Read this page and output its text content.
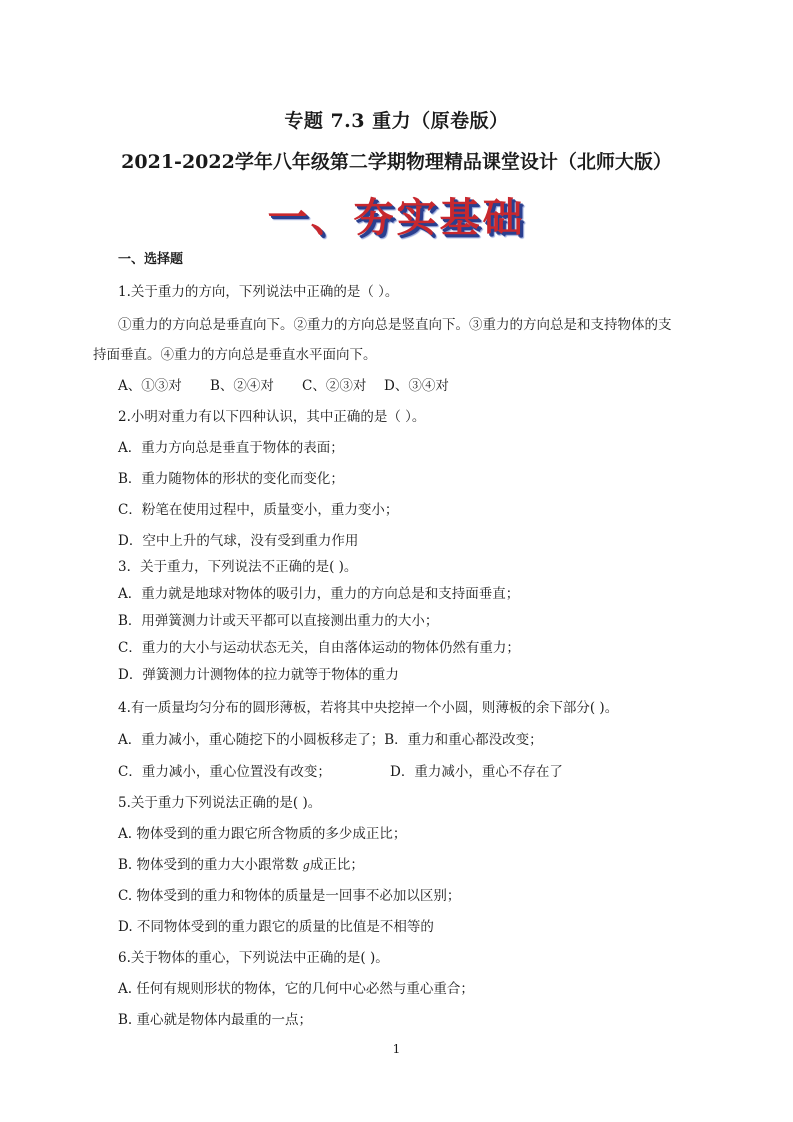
专题 7.3 重力（原卷版）
2021-2022学年八年级第二学期物理精品课堂设计（北师大版）
一、夯实基础
一、选择题
1.关于重力的方向，下列说法中正确的是（ ）。
①重力的方向总是垂直向下。②重力的方向总是竖直向下。③重力的方向总是和支持物体的支
持面垂直。④重力的方向总是垂直水平面向下。
A、①③对 B、②④对 C、②③对 D、③④对
2.小明对重力有以下四种认识，其中正确的是（ ）。
A．重力方向总是垂直于物体的表面；
B．重力随物体的形状的变化而变化；
C．粉笔在使用过程中，质量变小，重力变小；
D．空中上升的气球，没有受到重力作用
3．关于重力，下列说法不正确的是( )。
A．重力就是地球对物体的吸引力，重力的方向总是和支持面垂直；
B．用弹簧测力计或天平都可以直接测出重力的大小；
C．重力的大小与运动状态无关，自由落体运动的物体仍然有重力；
D．弹簧测力计测物体的拉力就等于物体的重力
4.有一质量均匀分布的圆形薄板，若将其中央挖掉一个小圆，则薄板的余下部分( )。
A．重力减小，重心随挖下的小圆板移走了；B．重力和重心都没改变；
C．重力减小，重心位置没有改变；	D．重力减小，重心不存在了
5.关于重力下列说法正确的是( )。
A. 物体受到的重力跟它所含物质的多少成正比；
B. 物体受到的重力大小跟常数 g成正比；
C. 物体受到的重力和物体的质量是一回事不必加以区别；
D. 不同物体受到的重力跟它的质量的比值是不相等的
6.关于物体的重心，下列说法中正确的是( )。
A. 任何有规则形状的物体，它的几何中心必然与重心重合；
B. 重心就是物体内最重的一点；
1
